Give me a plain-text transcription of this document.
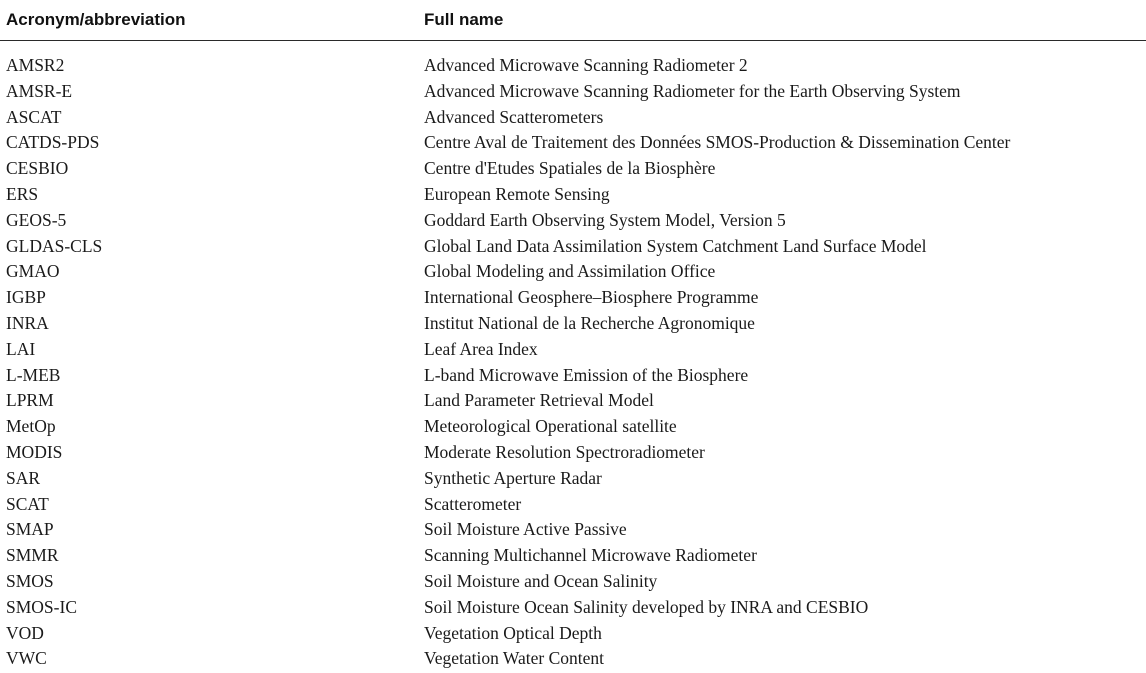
Acronym/abbreviation	Full name

AMSR2	Advanced Microwave Scanning Radiometer 2
AMSR-E	Advanced Microwave Scanning Radiometer for the Earth Observing System
ASCAT	Advanced Scatterometers
CATDS-PDS	Centre Aval de Traitement des Données SMOS-Production & Dissemination Center
CESBIO	Centre d'Etudes Spatiales de la Biosphère
ERS	European Remote Sensing
GEOS-5	Goddard Earth Observing System Model, Version 5
GLDAS-CLS	Global Land Data Assimilation System Catchment Land Surface Model
GMAO	Global Modeling and Assimilation Office
IGBP	International Geosphere–Biosphere Programme
INRA	Institut National de la Recherche Agronomique
LAI	Leaf Area Index
L-MEB	L-band Microwave Emission of the Biosphere
LPRM	Land Parameter Retrieval Model
MetOp	Meteorological Operational satellite
MODIS	Moderate Resolution Spectroradiometer
SAR	Synthetic Aperture Radar
SCAT	Scatterometer
SMAP	Soil Moisture Active Passive
SMMR	Scanning Multichannel Microwave Radiometer
SMOS	Soil Moisture and Ocean Salinity
SMOS-IC	Soil Moisture Ocean Salinity developed by INRA and CESBIO
VOD	Vegetation Optical Depth
VWC	Vegetation Water Content
